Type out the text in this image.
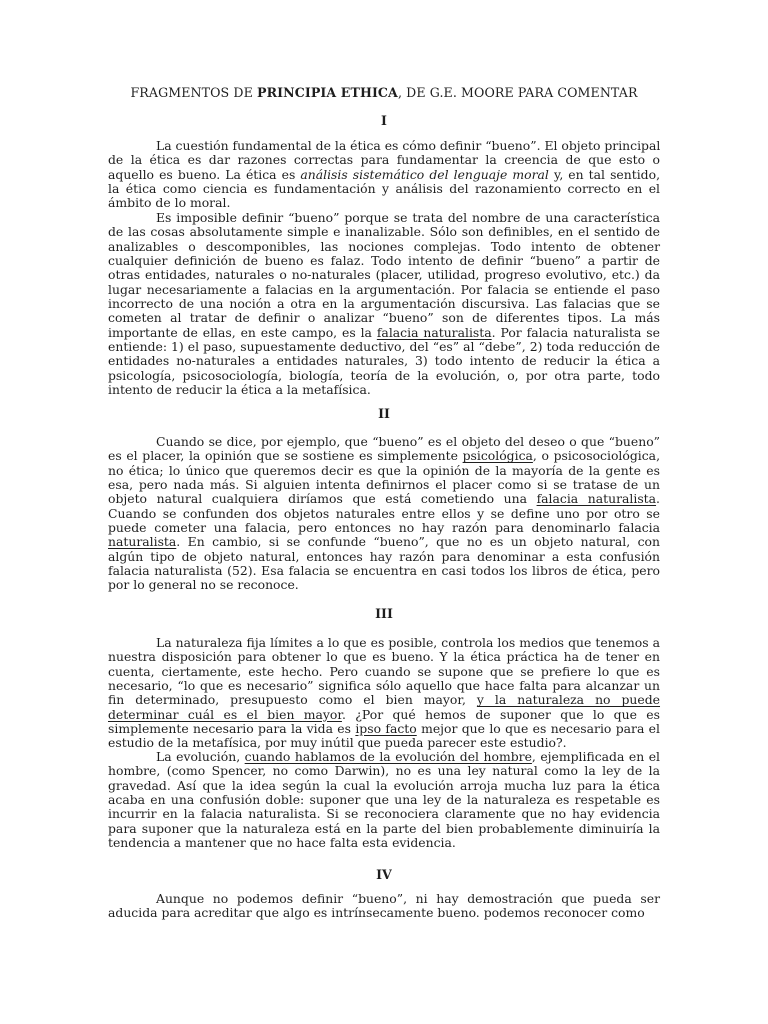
FRAGMENTOS DE PRINCIPIA ETHICA, DE G.E. MOORE PARA COMENTAR
I
La cuestión fundamental de la ética es cómo definir “bueno”. El objeto principal
de la ética es dar razones correctas para fundamentar la creencia de que esto o
aquello es bueno. La ética es análisis sistemático del lenguaje moral y, en tal sentido,
la ética como ciencia es fundamentación y análisis del razonamiento correcto en el
ámbito de lo moral.
Es imposible definir “bueno” porque se trata del nombre de una característica
de las cosas absolutamente simple e inanalizable. Sólo son definibles, en el sentido de
analizables o descomponibles, las nociones complejas. Todo intento de obtener
cualquier definición de bueno es falaz. Todo intento de definir “bueno” a partir de
otras entidades, naturales o no-naturales (placer, utilidad, progreso evolutivo, etc.) da
lugar necesariamente a falacias en la argumentación. Por falacia se entiende el paso
incorrecto de una noción a otra en la argumentación discursiva. Las falacias que se
cometen al tratar de definir o analizar “bueno” son de diferentes tipos. La más
importante de ellas, en este campo, es la falacia naturalista. Por falacia naturalista se
entiende: 1) el paso, supuestamente deductivo, del “es” al “debe”, 2) toda reducción de
entidades no-naturales a entidades naturales, 3) todo intento de reducir la ética a
psicología, psicosociología, biología, teoría de la evolución, o, por otra parte, todo
intento de reducir la ética a la metafísica.
II
Cuando se dice, por ejemplo, que “bueno” es el objeto del deseo o que “bueno”
es el placer, la opinión que se sostiene es simplemente psicológica, o psicosociológica,
no ética; lo único que queremos decir es que la opinión de la mayoría de la gente es
esa, pero nada más. Si alguien intenta definirnos el placer como si se tratase de un
objeto natural cualquiera diríamos que está cometiendo una falacia naturalista.
Cuando se confunden dos objetos naturales entre ellos y se define uno por otro se
puede cometer una falacia, pero entonces no hay razón para denominarlo falacia
naturalista. En cambio, si se confunde “bueno”, que no es un objeto natural, con
algún tipo de objeto natural, entonces hay razón para denominar a esta confusión
falacia naturalista (52). Esa falacia se encuentra en casi todos los libros de ética, pero
por lo general no se reconoce.
III
La naturaleza fija límites a lo que es posible, controla los medios que tenemos a
nuestra disposición para obtener lo que es bueno. Y la ética práctica ha de tener en
cuenta, ciertamente, este hecho. Pero cuando se supone que se prefiere lo que es
necesario, “lo que es necesario” significa sólo aquello que hace falta para alcanzar un
fin determinado, presupuesto como el bien mayor, y la naturaleza no puede
determinar cuál es el bien mayor. ¿Por qué hemos de suponer que lo que es
simplemente necesario para la vida es ipso facto mejor que lo que es necesario para el
estudio de la metafísica, por muy inútil que pueda parecer este estudio?.
La evolución, cuando hablamos de la evolución del hombre, ejemplificada en el
hombre, (como Spencer, no como Darwin), no es una ley natural como la ley de la
gravedad. Así que la idea según la cual la evolución arroja mucha luz para la ética
acaba en una confusión doble: suponer que una ley de la naturaleza es respetable es
incurrir en la falacia naturalista. Si se reconociera claramente que no hay evidencia
para suponer que la naturaleza está en la parte del bien probablemente diminuiría la
tendencia a mantener que no hace falta esta evidencia.
IV
Aunque no podemos definir “bueno”, ni hay demostración que pueda ser
aducida para acreditar que algo es intrínsecamente bueno. podemos reconocer como
